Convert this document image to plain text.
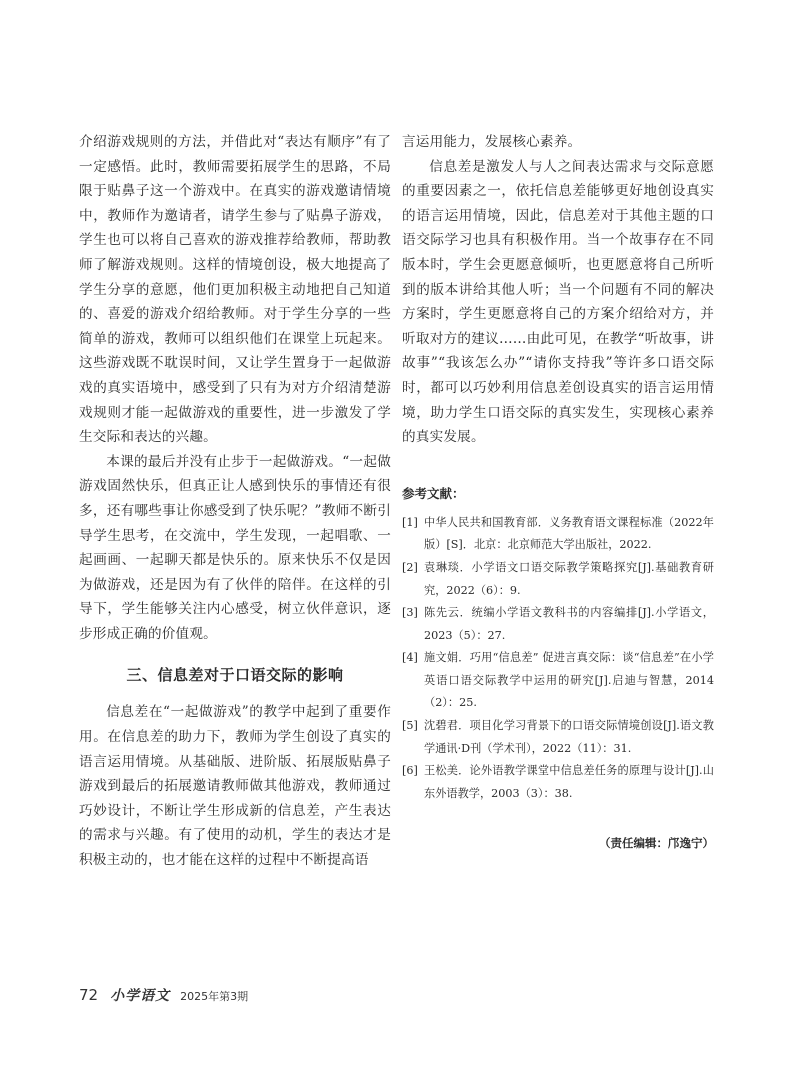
介绍游戏规则的方法，并借此对“表达有顺序”有了一定感悟。此时，教师需要拓展学生的思路，不局限于贴鼻子这一个游戏中。在真实的游戏邀请情境中，教师作为邀请者，请学生参与了贴鼻子游戏，学生也可以将自己喜欢的游戏推荐给教师，帮助教师了解游戏规则。这样的情境创设，极大地提高了学生分享的意愿，他们更加积极主动地把自己知道的、喜爱的游戏介绍给教师。对于学生分享的一些简单的游戏，教师可以组织他们在课堂上玩起来。这些游戏既不耽误时间，又让学生置身于一起做游戏的真实语境中，感受到了只有为对方介绍清楚游戏规则才能一起做游戏的重要性，进一步激发了学生交际和表达的兴趣。

本课的最后并没有止步于一起做游戏。“一起做游戏固然快乐，但真正让人感到快乐的事情还有很多，还有哪些事让你感受到了快乐呢？”教师不断引导学生思考，在交流中，学生发现，一起唱歌、一起画画、一起聊天都是快乐的。原来快乐不仅是因为做游戏，还是因为有了伙伴的陪伴。在这样的引导下，学生能够关注内心感受，树立伙伴意识，逐步形成正确的价值观。

三、信息差对于口语交际的影响

信息差在“一起做游戏”的教学中起到了重要作用。在信息差的助力下，教师为学生创设了真实的语言运用情境。从基础版、进阶版、拓展版贴鼻子游戏到最后的拓展邀请教师做其他游戏，教师通过巧妙设计，不断让学生形成新的信息差，产生表达的需求与兴趣。有了使用的动机，学生的表达才是积极主动的，也才能在这样的过程中不断提高语

言运用能力，发展核心素养。

信息差是激发人与人之间表达需求与交际意愿的重要因素之一，依托信息差能够更好地创设真实的语言运用情境，因此，信息差对于其他主题的口语交际学习也具有积极作用。当一个故事存在不同版本时，学生会更愿意倾听，也更愿意将自己所听到的版本讲给其他人听；当一个问题有不同的解决方案时，学生更愿意将自己的方案介绍给对方，并听取对方的建议……由此可见，在教学“听故事，讲故事”“我该怎么办”“请你支持我”等许多口语交际时，都可以巧妙利用信息差创设真实的语言运用情境，助力学生口语交际的真实发生，实现核心素养的真实发展。

参考文献：

[1] 中华人民共和国教育部．义务教育语文课程标准（2022年版）[S]．北京：北京师范大学出版社，2022.

[2] 袁琳琰．小学语文口语交际教学策略探究[J].基础教育研究，2022（6）：9.

[3] 陈先云．统编小学语文教科书的内容编排[J].小学语文，2023（5）：27.

[4] 施文娟．巧用“信息差” 促进言真交际：谈“信息差”在小学英语口语交际教学中运用的研究[J].启迪与智慧，2014（2）：25.

[5] 沈碧君．项目化学习背景下的口语交际情境创设[J].语文教学通讯·D刊（学术刊），2022（11）：31.

[6] 王松美．论外语教学课堂中信息差任务的原理与设计[J].山东外语教学，2003（3）：38.

（责任编辑：邝逸宁）
72 小学语文 2025年第3期
